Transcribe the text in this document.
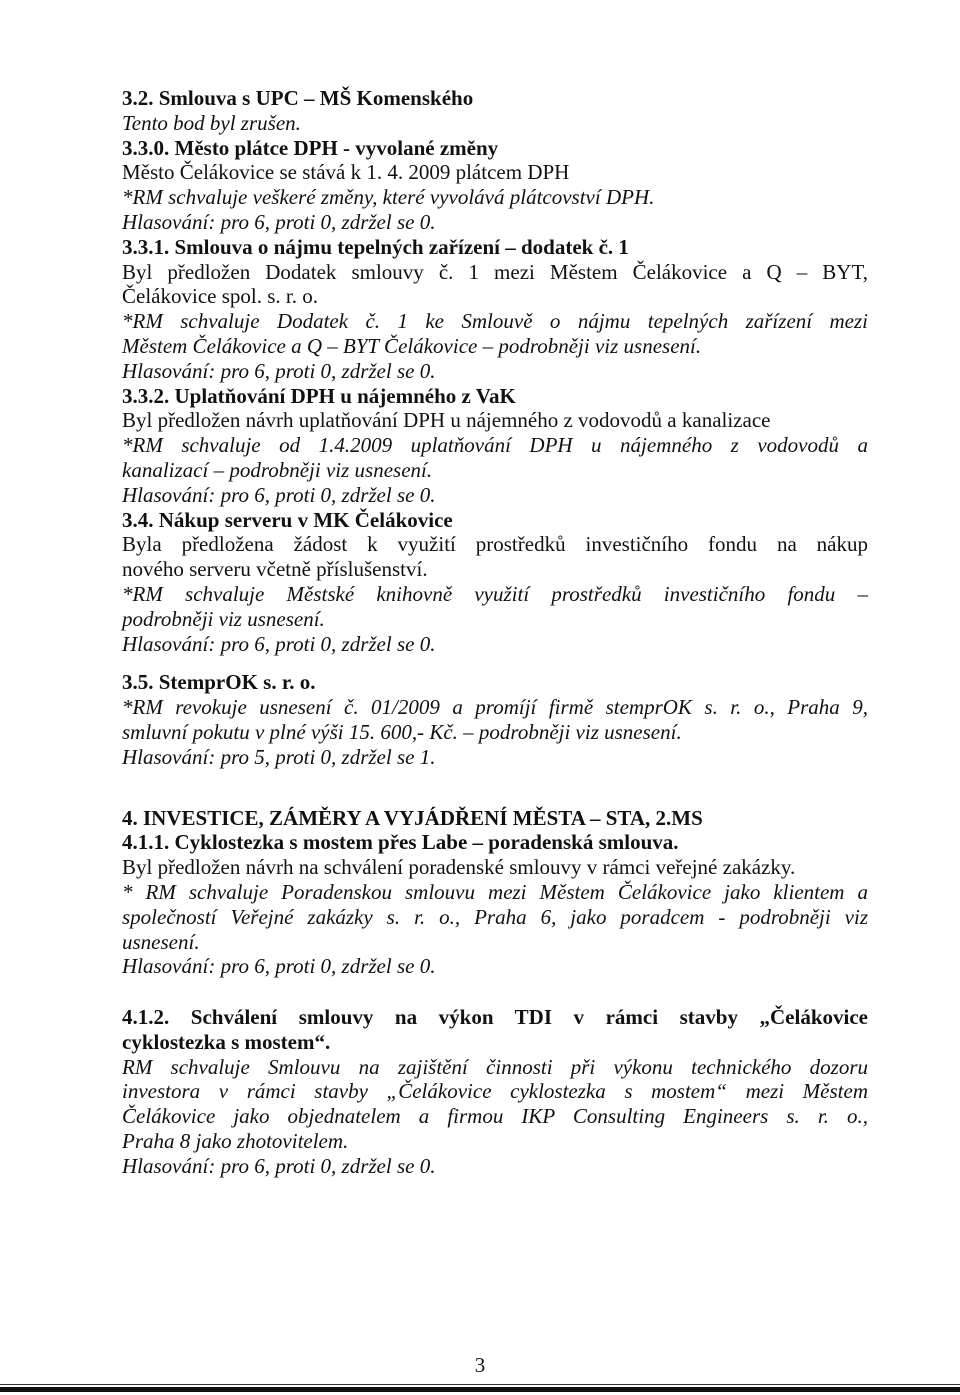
3.2. Smlouva s UPC – MŠ Komenského
Tento bod byl zrušen.
3.3.0. Město plátce DPH - vyvolané změny
Město Čelákovice se stává k 1. 4. 2009 plátcem DPH
*RM schvaluje veškeré změny, které vyvolává plátcovství DPH.
Hlasování: pro 6, proti 0, zdržel se 0.
3.3.1. Smlouva o nájmu tepelných zařízení – dodatek č. 1
Byl předložen Dodatek smlouvy č. 1 mezi Městem Čelákovice a Q – BYT,
Čelákovice spol. s. r. o.
*RM schvaluje Dodatek č. 1 ke Smlouvě o nájmu tepelných zařízení mezi
Městem Čelákovice a Q – BYT Čelákovice – podrobněji viz usnesení.
Hlasování: pro 6, proti 0, zdržel se 0.
3.3.2. Uplatňování DPH u nájemného z VaK
Byl předložen návrh uplatňování DPH u nájemného z vodovodů a kanalizace
*RM schvaluje od 1.4.2009 uplatňování DPH u nájemného z vodovodů a
kanalizací – podrobněji viz usnesení.
Hlasování: pro 6, proti 0, zdržel se 0.
3.4. Nákup serveru v MK Čelákovice
Byla předložena žádost k využití prostředků investičního fondu na nákup
nového serveru včetně příslušenství.
*RM schvaluje Městské knihovně využití prostředků investičního fondu –
podrobněji viz usnesení.
Hlasování: pro 6, proti 0, zdržel se 0.
3.5. StemprOK s. r. o.
*RM revokuje usnesení č. 01/2009 a promíjí firmě stemprOK s. r. o., Praha 9,
smluvní pokutu v plné výši 15. 600,- Kč. – podrobněji viz usnesení.
Hlasování: pro 5, proti 0, zdržel se 1.
4. INVESTICE, ZÁMĚRY A VYJÁDŘENÍ MĚSTA – STA, 2.MS
4.1.1. Cyklostezka s mostem přes Labe – poradenská smlouva.
Byl předložen návrh na schválení poradenské smlouvy v rámci veřejné zakázky.
* RM schvaluje Poradenskou smlouvu mezi Městem Čelákovice jako klientem a
společností Veřejné zakázky s. r. o., Praha 6, jako poradcem - podrobněji viz
usnesení.
Hlasování: pro 6, proti 0, zdržel se 0.
4.1.2. Schválení smlouvy na výkon TDI v rámci stavby „Čelákovice
cyklostezka s mostem“.
RM schvaluje Smlouvu na zajištění činnosti při výkonu technického dozoru
investora v rámci stavby „Čelákovice cyklostezka s mostem“ mezi Městem
Čelákovice jako objednatelem a firmou IKP Consulting Engineers s. r. o.,
Praha 8 jako zhotovitelem.
Hlasování: pro 6, proti 0, zdržel se 0.
3
